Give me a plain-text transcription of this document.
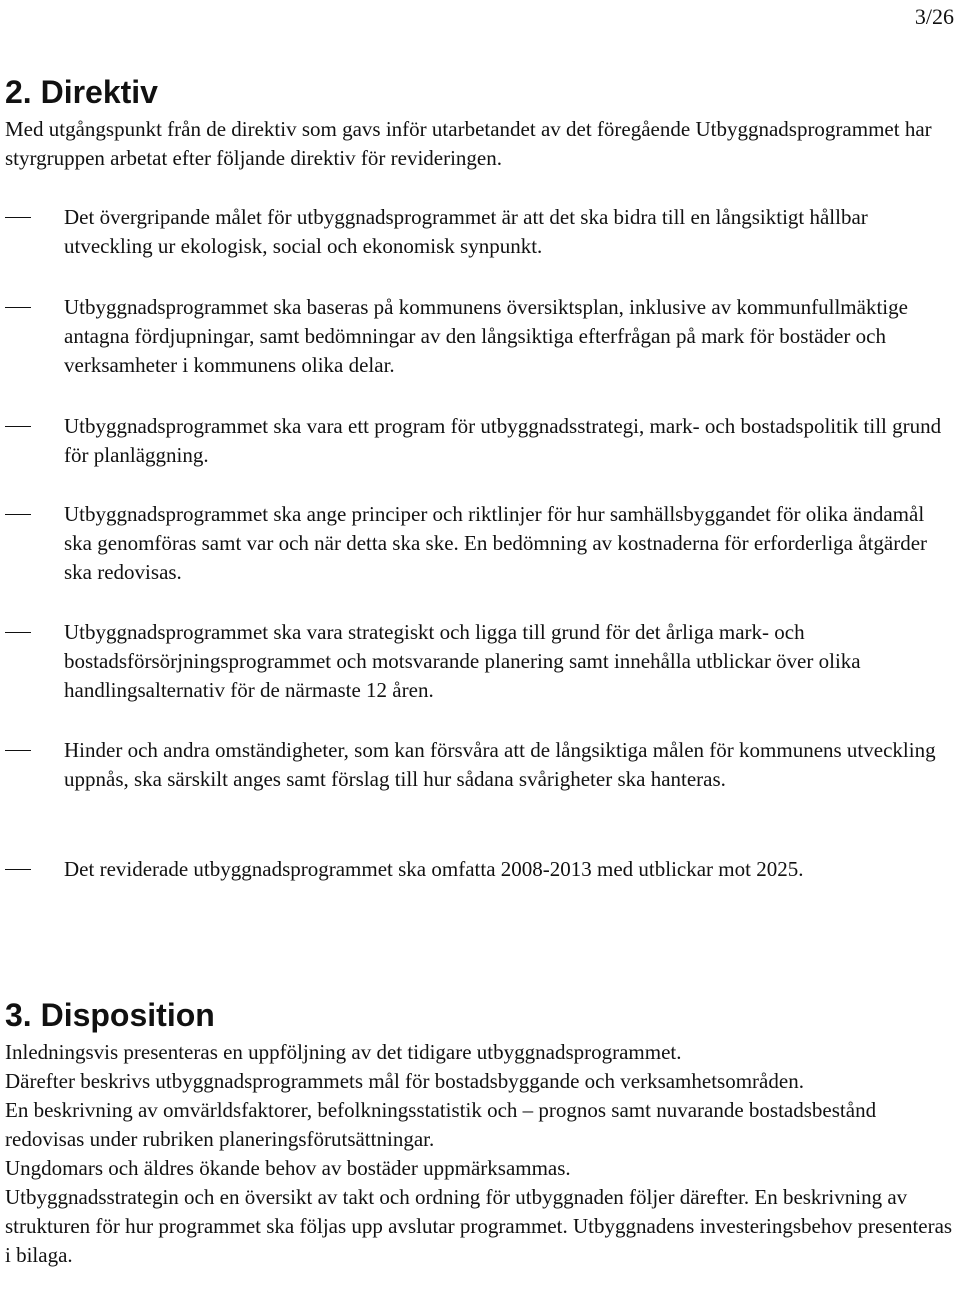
3/26
2. Direktiv

Med utgångspunkt från de direktiv som gavs inför utarbetandet av det föregående Utbyggnadsprogrammet har styrgruppen arbetat efter följande direktiv för revideringen.

Det övergripande målet för utbyggnadsprogrammet är att det ska bidra till en långsiktigt hållbar utveckling ur ekologisk, social och ekonomisk synpunkt.
Utbyggnadsprogrammet ska baseras på kommunens översiktsplan, inklusive av kommunfullmäktige antagna fördjupningar, samt bedömningar av den långsiktiga efterfrågan på mark för bostäder och verksamheter i kommunens olika delar.
Utbyggnadsprogrammet ska vara ett program för utbyggnadsstrategi, mark- och bostadspolitik till grund för planläggning.
Utbyggnadsprogrammet ska ange principer och riktlinjer för hur samhällsbyggandet för olika ändamål ska genomföras samt var och när detta ska ske. En bedömning av kostnaderna för erforderliga åtgärder ska redovisas.
Utbyggnadsprogrammet ska vara strategiskt och ligga till grund för det årliga mark- och bostadsförsörjningsprogrammet och motsvarande planering samt innehålla utblickar över olika handlingsalternativ för de närmaste 12 åren.
Hinder och andra omständigheter, som kan försvåra att de långsiktiga målen för kommunens utveckling uppnås, ska särskilt anges samt förslag till hur sådana svårigheter ska hanteras.
Det reviderade utbyggnadsprogrammet ska omfatta 2008-2013 med utblickar mot 2025.
3. Disposition
Inledningsvis presenteras en uppföljning av det tidigare utbyggnadsprogrammet.
Därefter beskrivs utbyggnadsprogrammets mål för bostadsbyggande och verksamhetsområden.
En beskrivning av omvärldsfaktorer, befolkningsstatistik och – prognos samt nuvarande bostadsbestånd redovisas under rubriken planeringsförutsättningar.
Ungdomars och äldres ökande behov av bostäder uppmärksammas.
Utbyggnadsstrategin och en översikt av takt och ordning för utbyggnaden följer därefter. En beskrivning av strukturen för hur programmet ska följas upp avslutar programmet. Utbyggnadens investeringsbehov presenteras i bilaga.
